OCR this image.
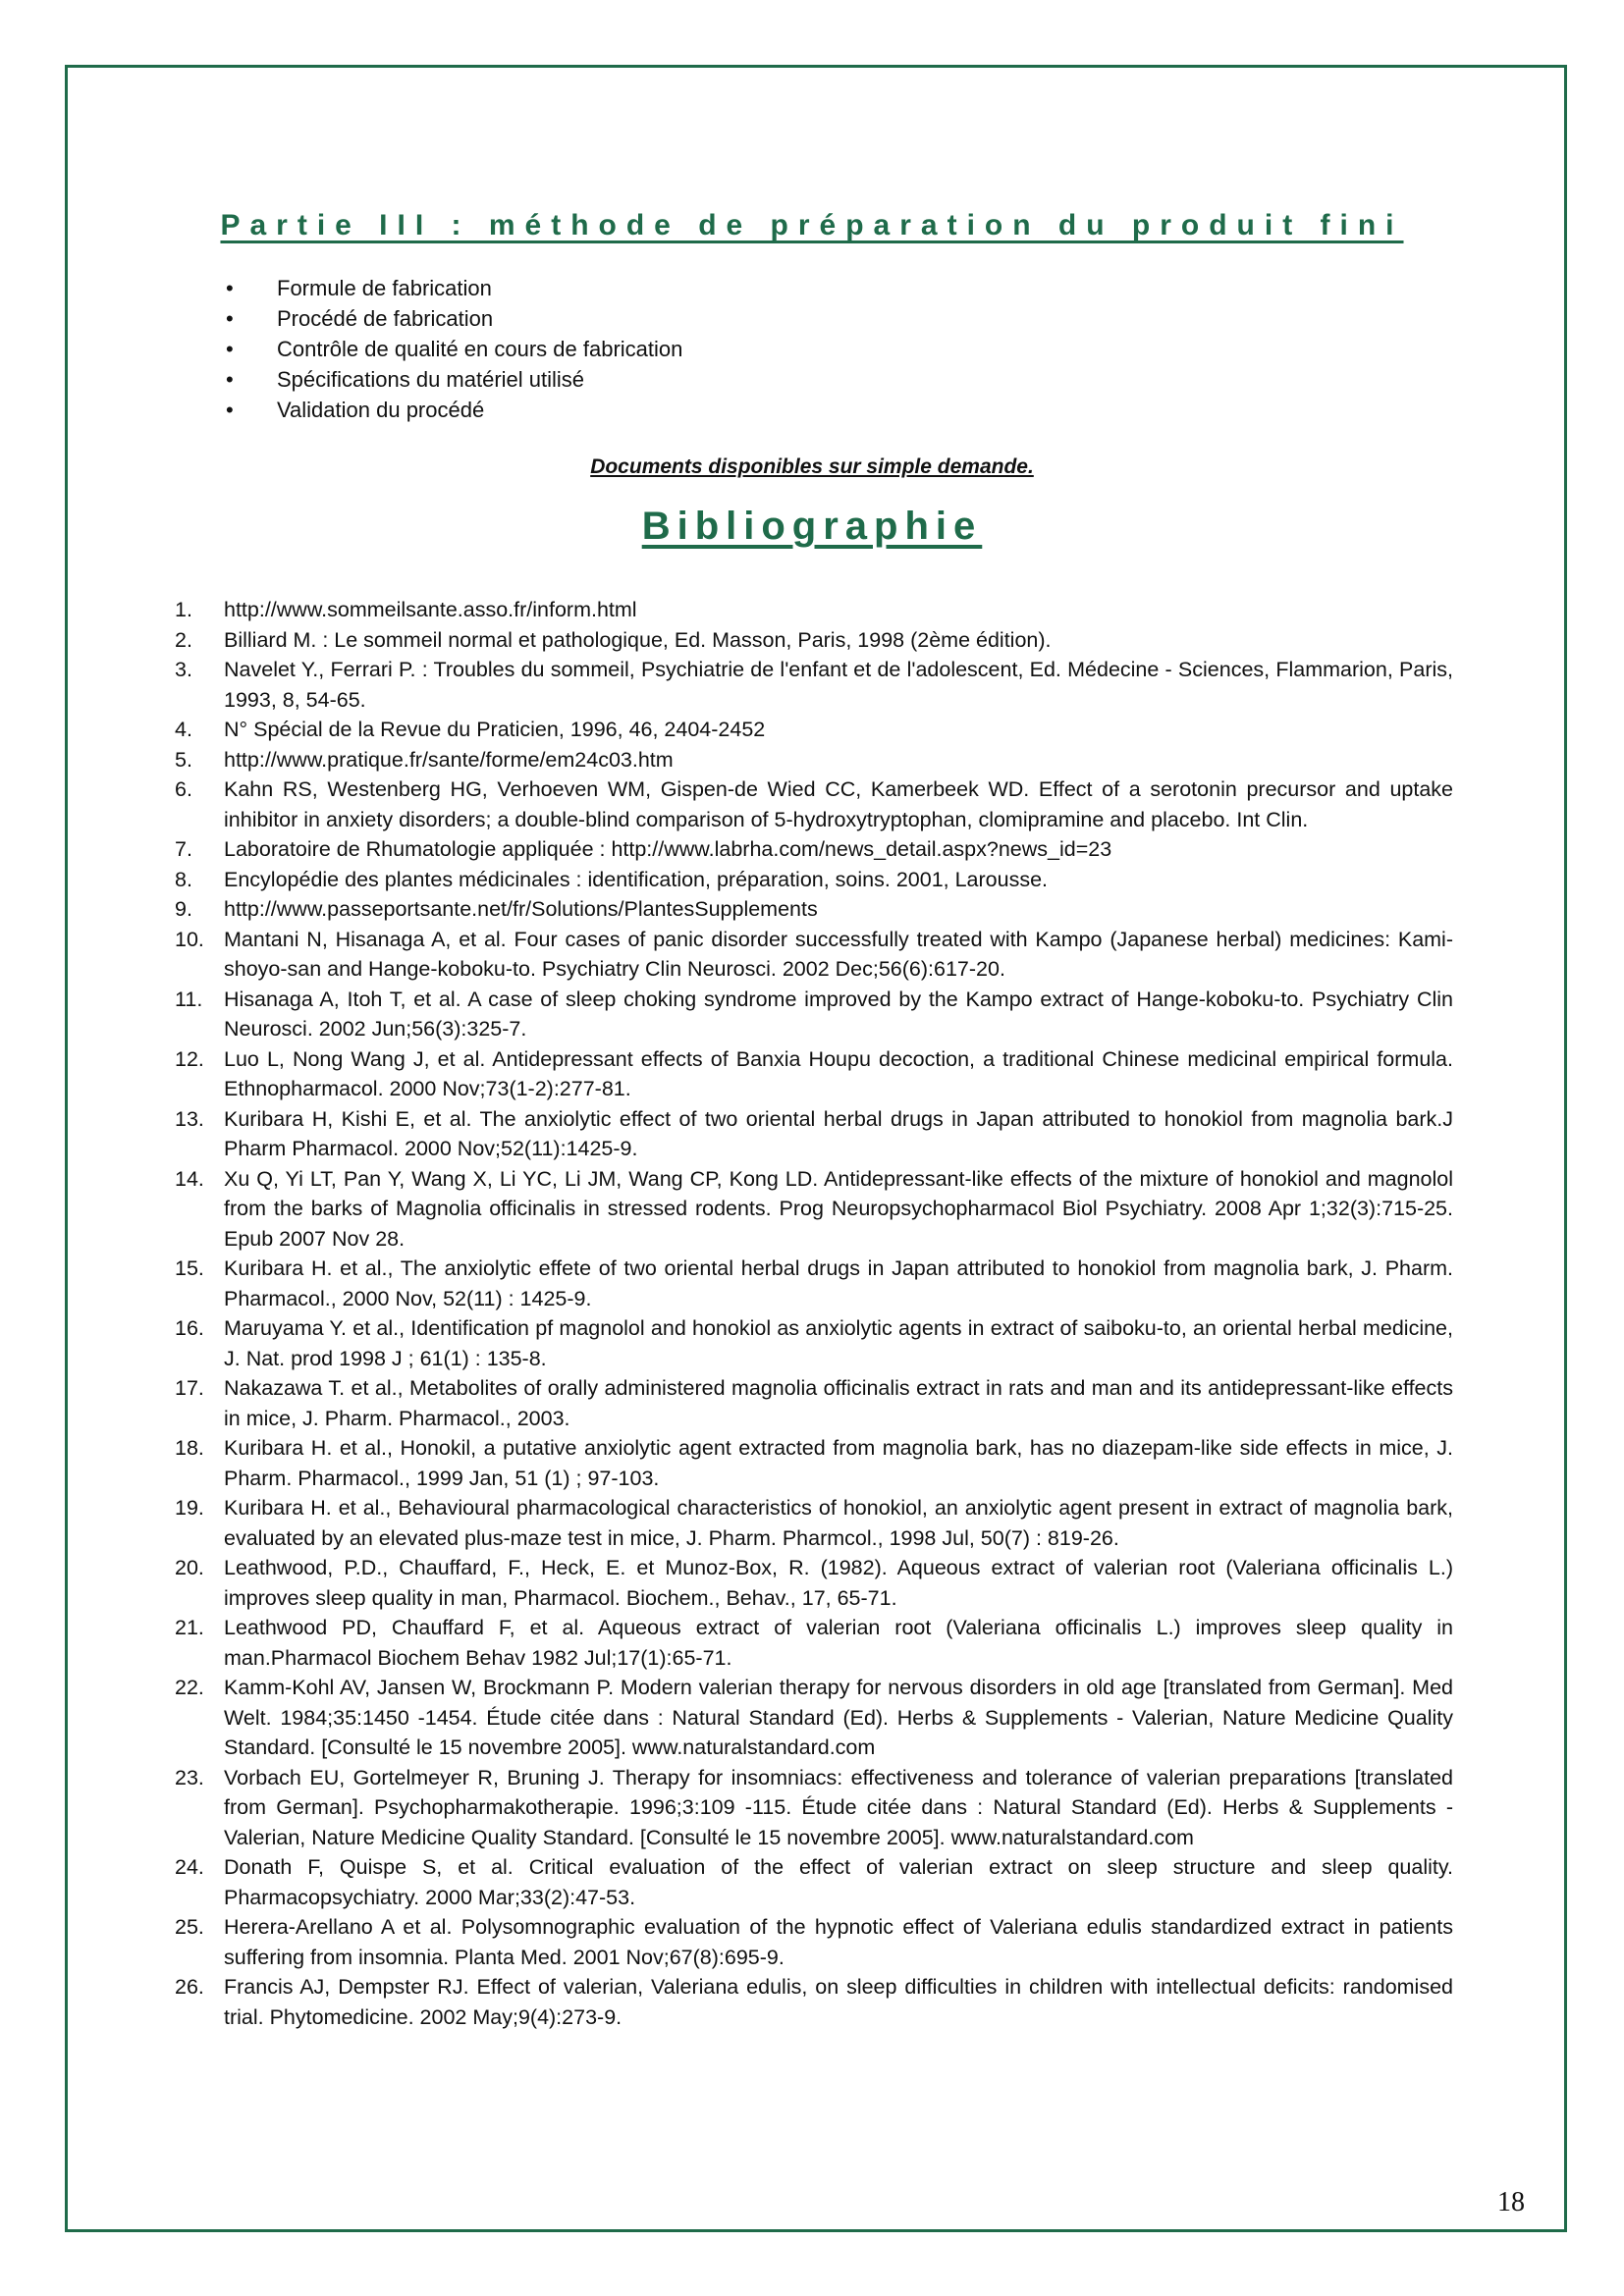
Partie III : méthode de préparation du produit fini
• Formule de fabrication
• Procédé de fabrication
• Contrôle de qualité en cours de fabrication
• Spécifications du matériel utilisé
• Validation du procédé
Documents disponibles sur simple demande.
Bibliographie
1.	http://www.sommeilsante.asso.fr/inform.html
2.	Billiard M. : Le sommeil normal et pathologique, Ed. Masson, Paris, 1998 (2ème édition).
3.	Navelet Y., Ferrari P. : Troubles du sommeil, Psychiatrie de l'enfant et de l'adolescent, Ed. Médecine - Sciences, Flammarion, Paris, 1993, 8, 54-65.
4.	N° Spécial de la Revue du Praticien, 1996, 46, 2404-2452
5.	http://www.pratique.fr/sante/forme/em24c03.htm
6.	Kahn RS, Westenberg HG, Verhoeven WM, Gispen-de Wied CC, Kamerbeek WD. Effect of a serotonin precursor and uptake inhibitor in anxiety disorders; a double-blind comparison of 5-hydroxytryptophan, clomipramine and placebo. Int Clin.
7.	Laboratoire de Rhumatologie appliquée : http://www.labrha.com/news_detail.aspx?news_id=23
8.	Encylopédie des plantes médicinales : identification, préparation, soins. 2001, Larousse.
9.	http://www.passeportsante.net/fr/Solutions/PlantesSupplements
10. Mantani N, Hisanaga A, et al. Four cases of panic disorder successfully treated with Kampo (Japanese herbal) medicines: Kami-shoyo-san and Hange-koboku-to. Psychiatry Clin Neurosci. 2002 Dec;56(6):617-20.
11.	Hisanaga A, Itoh T, et al. A case of sleep choking syndrome improved by the Kampo extract of Hange-koboku-to. Psychiatry Clin Neurosci. 2002 Jun;56(3):325-7.
12. Luo L, Nong Wang J, et al. Antidepressant effects of Banxia Houpu decoction, a traditional Chinese medicinal empirical formula. Ethnopharmacol. 2000 Nov;73(1-2):277-81.
13. Kuribara H, Kishi E, et al. The anxiolytic effect of two oriental herbal drugs in Japan attributed to honokiol from magnolia bark.J Pharm Pharmacol. 2000 Nov;52(11):1425-9.
14. Xu Q, Yi LT, Pan Y, Wang X, Li YC, Li JM, Wang CP, Kong LD. Antidepressant-like effects of the mixture of honokiol and magnolol from the barks of Magnolia officinalis in stressed rodents. Prog Neuropsychopharmacol Biol Psychiatry. 2008 Apr 1;32(3):715-25. Epub 2007 Nov 28.
15. Kuribara H. et al., The anxiolytic effete of two oriental herbal drugs in Japan attributed to honokiol from magnolia bark, J. Pharm. Pharmacol., 2000 Nov, 52(11) : 1425-9.
16. Maruyama Y. et al., Identification pf magnolol and honokiol as anxiolytic agents in extract of saiboku-to, an oriental herbal medicine, J. Nat. prod 1998 J ; 61(1) : 135-8.
17. Nakazawa T. et al., Metabolites of orally administered magnolia officinalis extract in rats and man and its antidepressant-like effects in mice, J. Pharm. Pharmacol., 2003.
18. Kuribara H. et al., Honokil, a putative anxiolytic agent extracted from magnolia bark, has no diazepam-like side effects in mice, J. Pharm. Pharmacol., 1999 Jan, 51 (1) ; 97-103.
19. Kuribara H. et al., Behavioural pharmacological characteristics of honokiol, an anxiolytic agent present in extract of magnolia bark, evaluated by an elevated plus-maze test in mice, J. Pharm. Pharmcol., 1998 Jul, 50(7) : 819-26.
20. Leathwood, P.D., Chauffard, F., Heck, E. et Munoz-Box, R. (1982). Aqueous extract of valerian root (Valeriana officinalis L.) improves sleep quality in man, Pharmacol. Biochem., Behav., 17, 65-71.
21. Leathwood PD, Chauffard F, et al. Aqueous extract of valerian root (Valeriana officinalis L.) improves sleep quality in man.Pharmacol Biochem Behav 1982 Jul;17(1):65-71.
22. Kamm-Kohl AV, Jansen W, Brockmann P. Modern valerian therapy for nervous disorders in old age [translated from German]. Med Welt. 1984;35:1450 -1454. Étude citée dans : Natural Standard (Ed). Herbs & Supplements - Valerian, Nature Medicine Quality Standard. [Consulté le 15 novembre 2005]. www.naturalstandard.com
23. Vorbach EU, Gortelmeyer R, Bruning J. Therapy for insomniacs: effectiveness and tolerance of valerian preparations [translated from German]. Psychopharmakotherapie. 1996;3:109 -115. Étude citée dans : Natural Standard (Ed). Herbs & Supplements - Valerian, Nature Medicine Quality Standard. [Consulté le 15 novembre 2005]. www.naturalstandard.com
24. Donath F, Quispe S, et al. Critical evaluation of the effect of valerian extract on sleep structure and sleep quality. Pharmacopsychiatry. 2000 Mar;33(2):47-53.
25. Herera-Arellano A et al. Polysomnographic evaluation of the hypnotic effect of Valeriana edulis standardized extract in patients suffering from insomnia. Planta Med. 2001 Nov;67(8):695-9.
26. Francis AJ, Dempster RJ. Effect of valerian, Valeriana edulis, on sleep difficulties in children with intellectual deficits: randomised trial. Phytomedicine. 2002 May;9(4):273-9.
18
